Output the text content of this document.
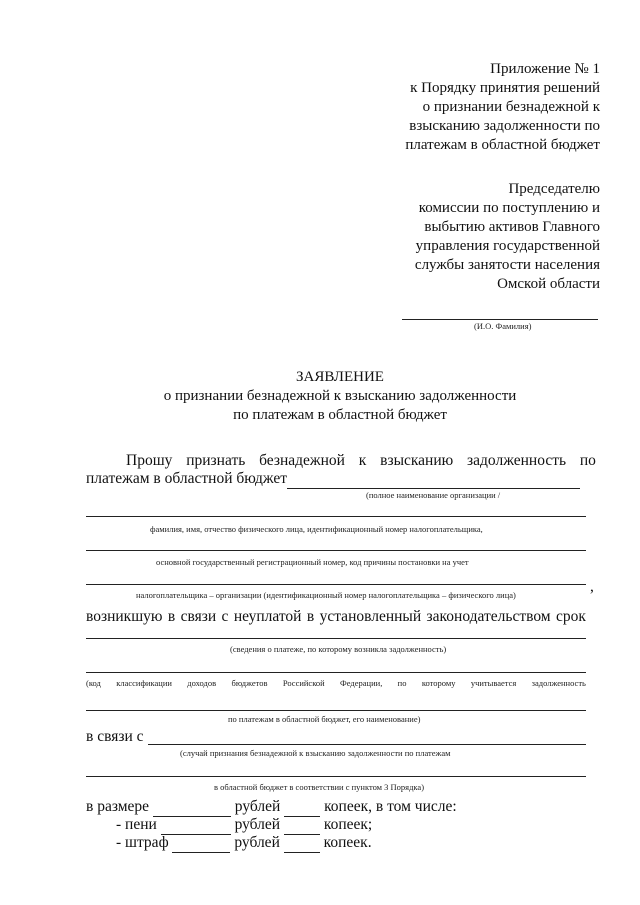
Приложение № 1
к Порядку принятия решений
о признании безнадежной к
взысканию задолженности по
платежам в областной бюджет
Председателю
комиссии по поступлению и
выбытию активов Главного
управления государственной
службы занятости населения
Омской области
(И.О. Фамилия)
ЗАЯВЛЕНИЕ
о признании безнадежной к взысканию задолженности
по платежам в областной бюджет
Прошу признать безнадежной к взысканию задолженность по
платежам в областной бюджет
(полное наименование организации /
фамилия, имя, отчество физического лица, идентификационный номер налогоплательщика,
основной государственный регистрационный номер, код причины постановки на учет
,
налогоплательщика – организации (идентификационный номер налогоплательщика – физического лица)
возникшую в связи с неуплатой в установленный законодательством срок
(сведения о платеже, по которому возникла задолженность)
(код классификации доходов бюджетов Российской Федерации, по которому учитывается задолженность
по платежам в областной бюджет, его наименование)
в связи с
(случай признания безнадежной к взысканию задолженности по платежам
в областной бюджет в соответствии с пунктом 3 Порядка)
в размере	рублей	копеек, в том числе:
- пени	рублей	копеек;
- штраф	рублей	копеек.
